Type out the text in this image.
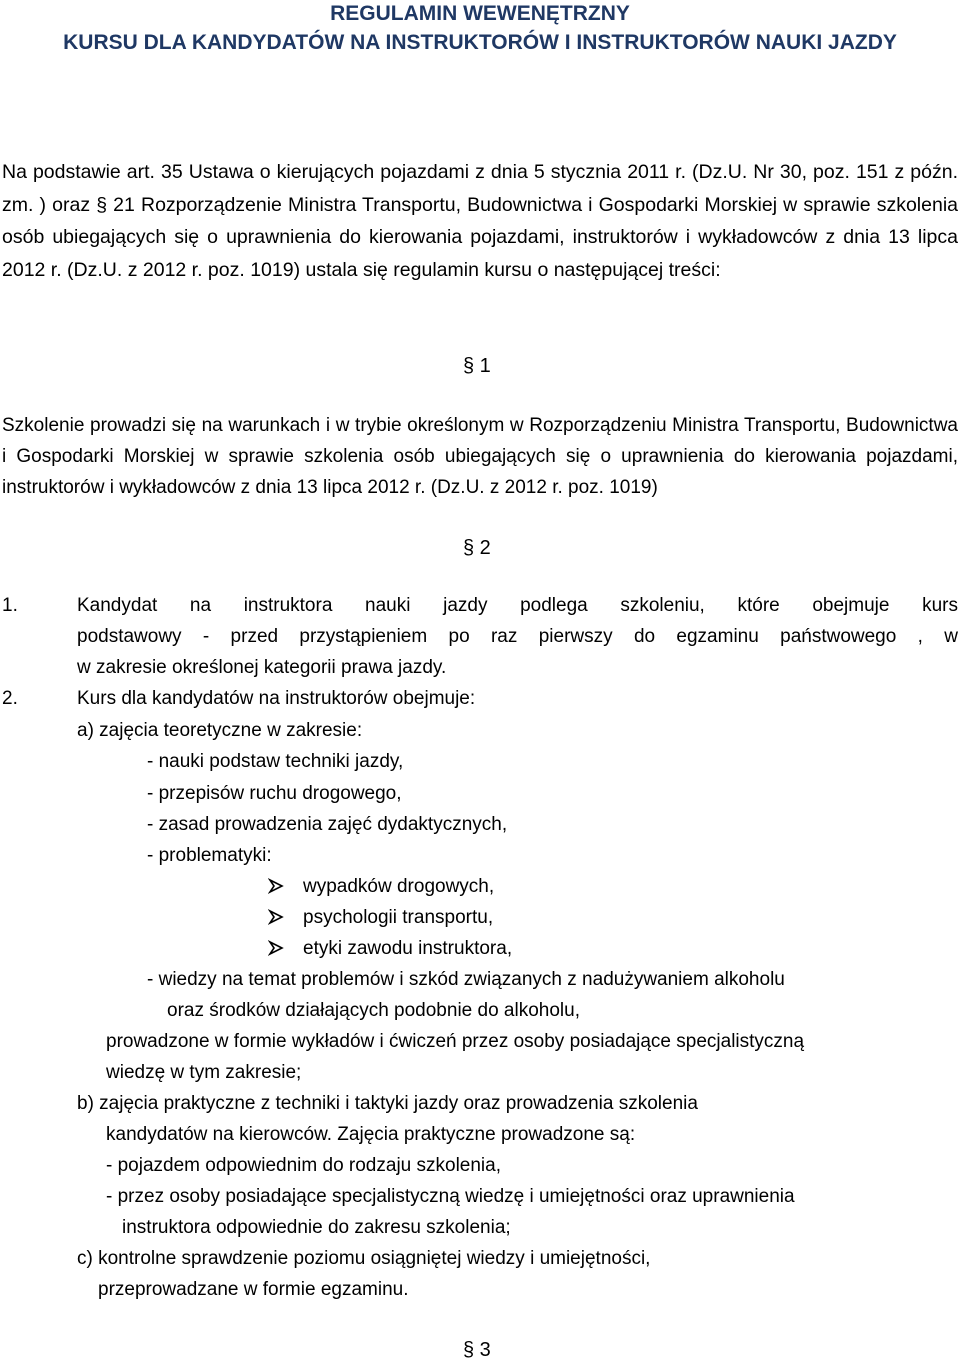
REGULAMIN WEWENĘTRZNY
KURSU DLA KANDYDATÓW NA INSTRUKTORÓW I INSTRUKTORÓW NAUKI JAZDY

Na podstawie art. 35 Ustawa o kierujących pojazdami z dnia 5 stycznia 2011 r. (Dz.U. Nr 30, poz. 151 z późn. zm. ) oraz § 21 Rozporządzenie Ministra Transportu, Budownictwa i Gospodarki Morskiej w sprawie szkolenia osób ubiegających się o uprawnienia do kierowania pojazdami, instruktorów i wykładowców z dnia 13 lipca 2012 r. (Dz.U. z 2012 r. poz. 1019) ustala się regulamin kursu o następującej treści:

§ 1

Szkolenie prowadzi się na warunkach i w trybie określonym w Rozporządzeniu Ministra Transportu, Budownictwa i Gospodarki Morskiej w sprawie szkolenia osób ubiegających się o uprawnienia do kierowania pojazdami, instruktorów i wykładowców z dnia 13 lipca 2012 r. (Dz.U. z 2012 r. poz. 1019)

§ 2
1.	Kandydat na instruktora nauki jazdy podlega szkoleniu, które obejmuje kurs
podstawowy - przed przystąpieniem po raz pierwszy do egzaminu państwowego , w
w zakresie określonej kategorii prawa jazdy.
2.	Kurs dla kandydatów na instruktorów obejmuje:
a) zajęcia teoretyczne w zakresie:
- nauki podstaw techniki jazdy,
- przepisów ruchu drogowego,
- zasad prowadzenia zajęć dydaktycznych,
- problematyki:
wypadków drogowych,
psychologii transportu,
etyki zawodu instruktora,
- wiedzy na temat problemów i szkód związanych z nadużywaniem alkoholu
oraz środków działających podobnie do alkoholu,
prowadzone w formie wykładów i ćwiczeń przez osoby posiadające specjalistyczną
wiedzę w tym zakresie;
b) zajęcia praktyczne z techniki i taktyki jazdy oraz prowadzenia szkolenia
kandydatów na kierowców. Zajęcia praktyczne prowadzone są:
- pojazdem odpowiednim do rodzaju szkolenia,
- przez osoby posiadające specjalistyczną wiedzę i umiejętności oraz uprawnienia
instruktora odpowiednie do zakresu szkolenia;
c) kontrolne sprawdzenie poziomu osiągniętej wiedzy i umiejętności,
przeprowadzane w formie egzaminu.
§ 3
